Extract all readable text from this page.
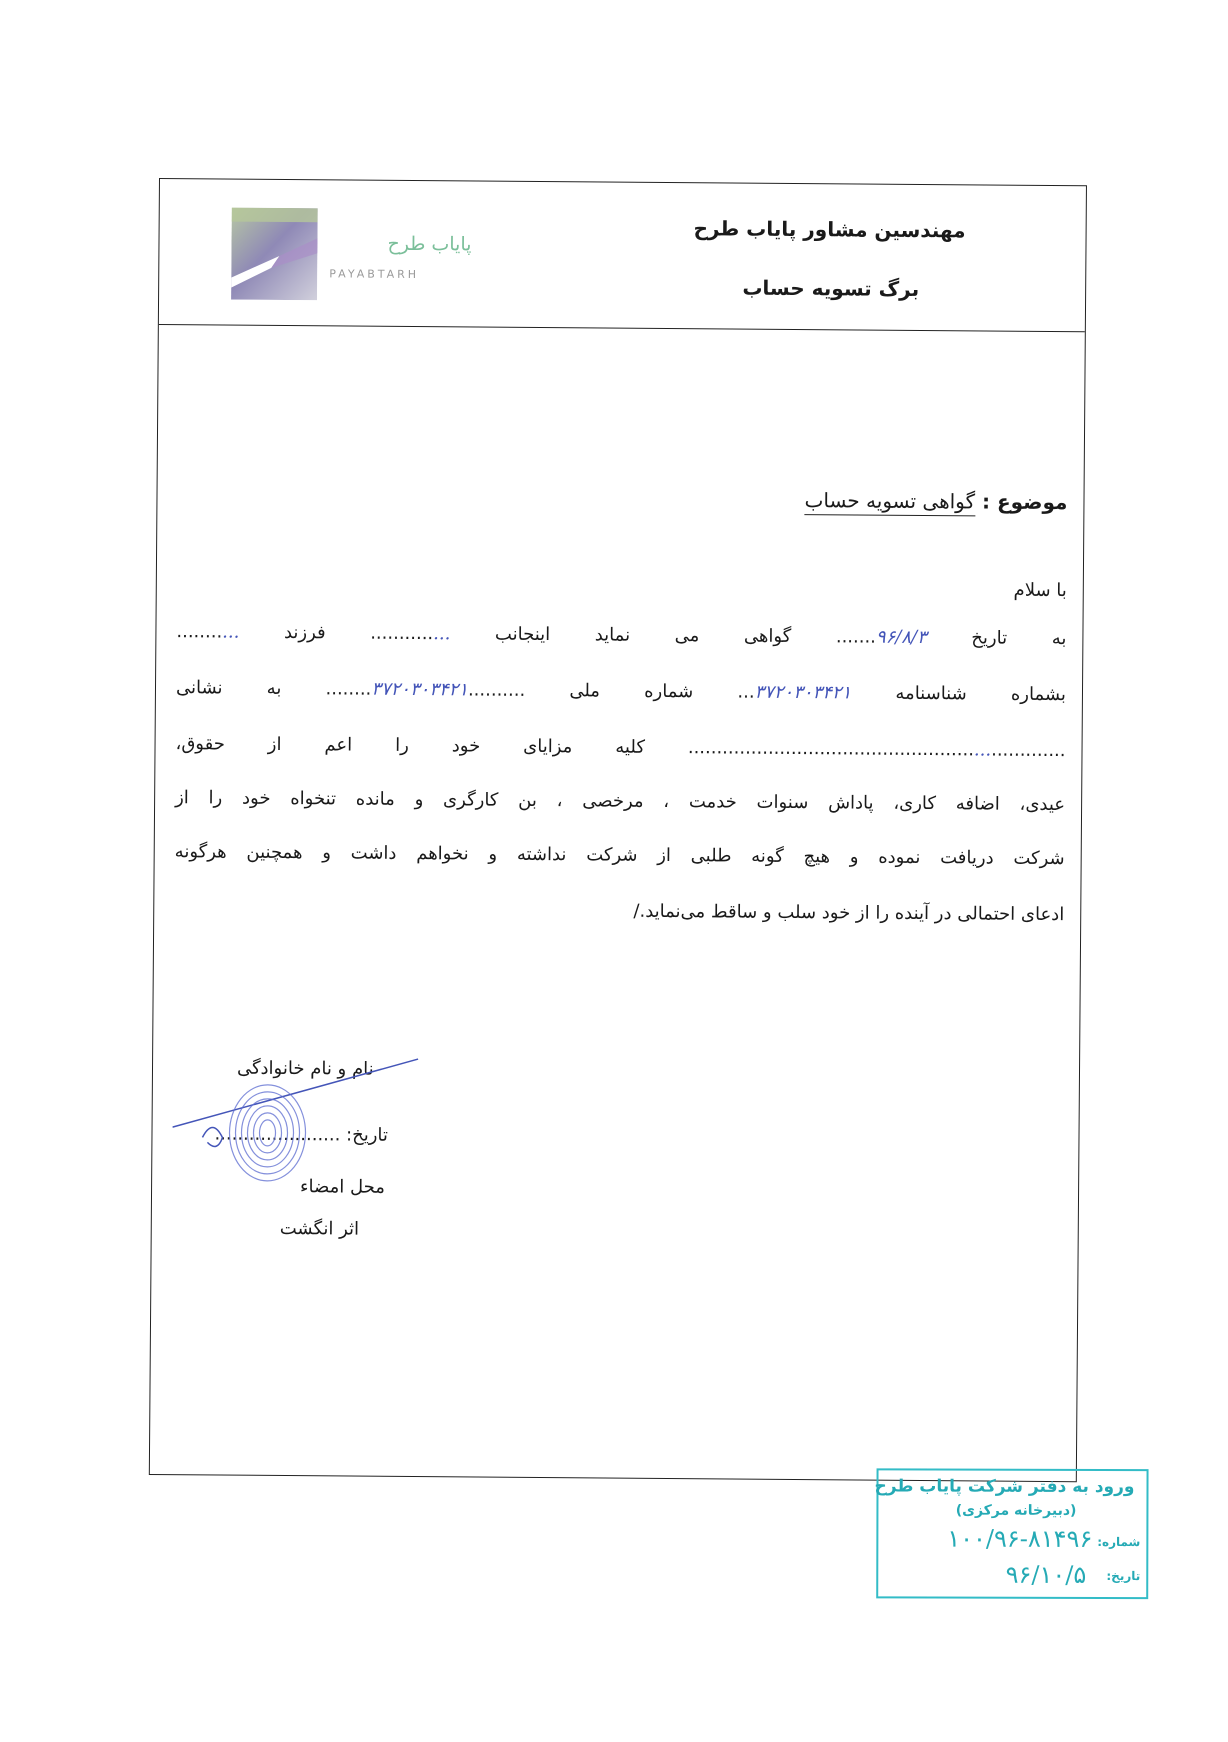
مهندسین مشاور پایاب طرح
برگ تسویه حساب
پایاب طرح
PAYABTARH
موضوع : گواهی تسویه حساب
با سلام
به تاریخ ۹۶/۸/۳....... گواهی می نماید اینجانب .............. فرزند ...........
بشماره شناسنامه ۳۷۲۰۳۰۳۴۲۱... شماره ملی ..........۳۷۲۰۳۰۳۴۲۱........ به نشانی
.................................................................. کلیه مزایای خود را اعم از حقوق،
عیدی، اضافه کاری، پاداش سنوات خدمت ، مرخصی ، بن کارگری و مانده تنخواه خود را از
شرکت دریافت نموده و هیچ گونه طلبی از شرکت نداشته و نخواهم داشت و همچنین هرگونه
ادعای احتمالی در آینده را از خود سلب و ساقط می‌نماید./
نام و نام خانوادگی
تاریخ: ......................
محل امضاء
اثر انگشت
ورود به دفتر شرکت پایاب طرح
(دبیرخانه مرکزی)
شماره:
۱۰۰/۹۶-۸۱۴۹۶
تاریخ:
۹۶/۱۰/۵
